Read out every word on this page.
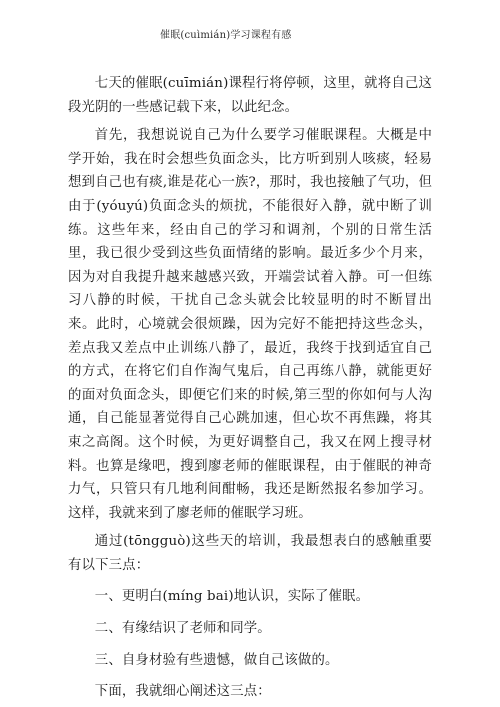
催眠(cuìmián)学习课程有感

七天的催眠(cuīmián)课程行将停顿，这里，就将自己这段光阴的一些感记载下来，以此纪念。

首先，我想说说自己为什么要学习催眠课程。大概是中学开始，我在时会想些负面念头，比方听到别人咳痰，轻易想到自己也有痰,谁是花心一族?，那时，我也接触了气功，但由于(yóuyú)负面念头的烦扰，不能很好入静，就中断了训练。这些年来，经由自己的学习和调剂，个别的日常生活里，我已很少受到这些负面情绪的影响。最近多少个月来，因为对自我提升越来越感兴致，开端尝试着入静。可一但练习八静的时候，干扰自己念头就会比较显明的时不断冒出来。此时，心境就会很烦躁，因为完好不能把持这些念头，差点我又差点中止训练八静了，最近，我终于找到适宜自己的方式，在将它们自作淘气鬼后，自己再练八静，就能更好的面对负面念头，即便它们来的时候,第三型的你如何与人沟通，自己能显著觉得自己心跳加速，但心坎不再焦躁，将其束之高阁。这个时候，为更好调整自己，我又在网上搜寻材料。也算是缘吧，搜到廖老师的催眠课程，由于催眠的神奇力气，只管只有几地利间酣畅，我还是断然报名参加学习。这样，我就来到了廖老师的催眠学习班。

通过(tōngguò)这些天的培训，我最想表白的感触重要有以下三点：

一、更明白(míng bai)地认识，实际了催眠。

二、有缘结识了老师和同学。

三、自身材验有些遗憾，做自己该做的。

下面，我就细心阐述这三点：
